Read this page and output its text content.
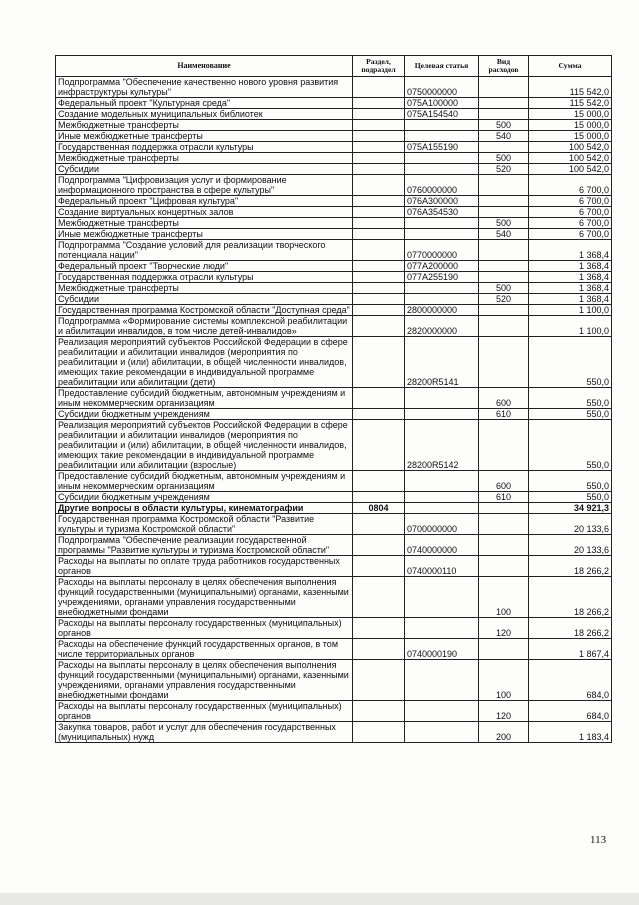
Наименование	Раздел, подраздел	Целевая статья	Вид расходов	Сумма
Подпрограмма "Обеспечение качественно нового уровня развития инфраструктуры культуры"		0750000000		115 542,0
Федеральный проект "Культурная среда"		075A100000		115 542,0
Создание модельных муниципальных библиотек		075A154540		15 000,0
Межбюджетные трансферты			500	15 000,0
Иные межбюджетные трансферты			540	15 000,0
Государственная поддержка отрасли культуры		075A155190		100 542,0
Межбюджетные трансферты			500	100 542,0
Субсидии			520	100 542,0
Подпрограмма "Цифровизация услуг и формирование информационного пространства в сфере культуры"		0760000000		6 700,0
Федеральный проект "Цифровая культура"		076A300000		6 700,0
Создание виртуальных концертных залов		076A354530		6 700,0
Межбюджетные трансферты			500	6 700,0
Иные межбюджетные трансферты			540	6 700,0
Подпрограмма "Создание условий для реализации творческого потенциала нации"		0770000000		1 368,4
Федеральный проект "Творческие люди"		077A200000		1 368,4
Государственная поддержка отрасли культуры		077A255190		1 368,4
Межбюджетные трансферты			500	1 368,4
Субсидии			520	1 368,4
Государственная программа Костромской области "Доступная среда"		2800000000		1 100,0
Подпрограмма «Формирование системы комплексной реабилитации и абилитации инвалидов, в том числе детей-инвалидов»		2820000000		1 100,0
Реализация мероприятий субъектов Российской Федерации в сфере реабилитации и абилитации инвалидов (мероприятия по реабилитации и (или) абилитации, в общей численности инвалидов, имеющих такие рекомендации в индивидуальной программе реабилитации или абилитации (дети)		28200R5141		550,0
Предоставление субсидий бюджетным, автономным учреждениям и иным некоммерческим организациям			600	550,0
Субсидии бюджетным учреждениям			610	550,0
Реализация мероприятий субъектов Российской Федерации в сфере реабилитации и абилитации инвалидов (мероприятия по реабилитации и (или) абилитации, в общей численности инвалидов, имеющих такие рекомендации в индивидуальной программе реабилитации или абилитации (взрослые)		28200R5142		550,0
Предоставление субсидий бюджетным, автономным учреждениям и иным некоммерческим организациям			600	550,0
Субсидии бюджетным учреждениям			610	550,0
Другие вопросы в области культуры, кинематографии	0804			34 921,3
Государственная программа Костромской области "Развитие культуры и туризма Костромской области"		0700000000		20 133,6
Подпрограмма "Обеспечение реализации государственной программы "Развитие культуры и туризма Костромской области"		0740000000		20 133,6
Расходы на выплаты по оплате труда работников государственных органов		0740000110		18 266,2
Расходы на выплаты персоналу в целях обеспечения выполнения функций государственными (муниципальными) органами, казенными учреждениями, органами управления государственными внебюджетными фондами			100	18 266,2
Расходы на выплаты персоналу государственных (муниципальных) органов			120	18 266,2
Расходы на обеспечение функций государственных органов, в том числе территориальных органов		0740000190		1 867,4
Расходы на выплаты персоналу в целях обеспечения выполнения функций государственными (муниципальными) органами, казенными учреждениями, органами управления государственными внебюджетными фондами			100	684,0
Расходы на выплаты персоналу государственных (муниципальных) органов			120	684,0
Закупка товаров, работ и услуг для обеспечения государственных (муниципальных) нужд			200	1 183,4
113
